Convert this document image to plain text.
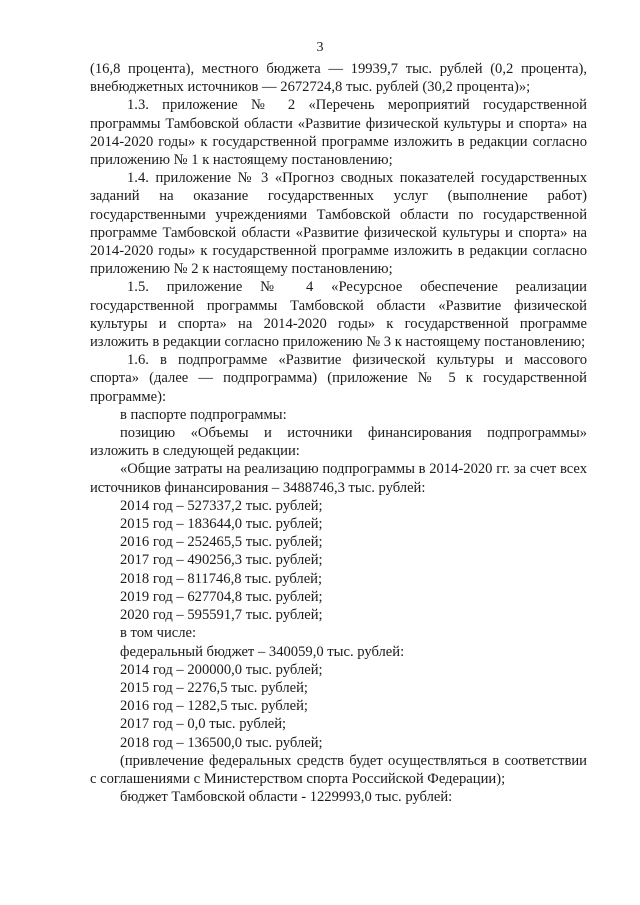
3

(16,8 процента), местного бюджета — 19939,7 тыс. рублей (0,2 процента), внебюджетных источников — 2672724,8 тыс. рублей (30,2 процента)»;

1.3. приложение № 2 «Перечень мероприятий государственной программы Тамбовской области «Развитие физической культуры и спорта» на 2014-2020 годы» к государственной программе изложить в редакции согласно приложению № 1 к настоящему постановлению;

1.4. приложение № 3 «Прогноз сводных показателей государственных заданий на оказание государственных услуг (выполнение работ) государственными учреждениями Тамбовской области по государственной программе Тамбовской области «Развитие физической культуры и спорта» на 2014-2020 годы» к государственной программе изложить в редакции согласно приложению № 2 к настоящему постановлению;

1.5. приложение № 4 «Ресурсное обеспечение реализации государственной программы Тамбовской области «Развитие физической культуры и спорта» на 2014-2020 годы» к государственной программе изложить в редакции согласно приложению № 3 к настоящему постановлению;

1.6. в подпрограмме «Развитие физической культуры и массового спорта» (далее — подпрограмма) (приложение № 5 к государственной программе):

в паспорте подпрограммы:

позицию «Объемы и источники финансирования подпрограммы» изложить в следующей редакции:

«Общие затраты на реализацию подпрограммы в 2014-2020 гг. за счет всех источников финансирования – 3488746,3 тыс. рублей:

2014 год – 527337,2 тыс. рублей;

2015 год – 183644,0 тыс. рублей;

2016 год – 252465,5 тыс. рублей;

2017 год – 490256,3 тыс. рублей;

2018 год – 811746,8 тыс. рублей;

2019 год – 627704,8 тыс. рублей;

2020 год – 595591,7 тыс. рублей;

в том числе:

федеральный бюджет – 340059,0 тыс. рублей:

2014 год – 200000,0 тыс. рублей;

2015 год – 2276,5 тыс. рублей;

2016 год – 1282,5 тыс. рублей;

2017 год – 0,0 тыс. рублей;

2018 год – 136500,0 тыс. рублей;

(привлечение федеральных средств будет осуществляться в соответствии с соглашениями с Министерством спорта Российской Федерации);

бюджет Тамбовской области - 1229993,0 тыс. рублей:
